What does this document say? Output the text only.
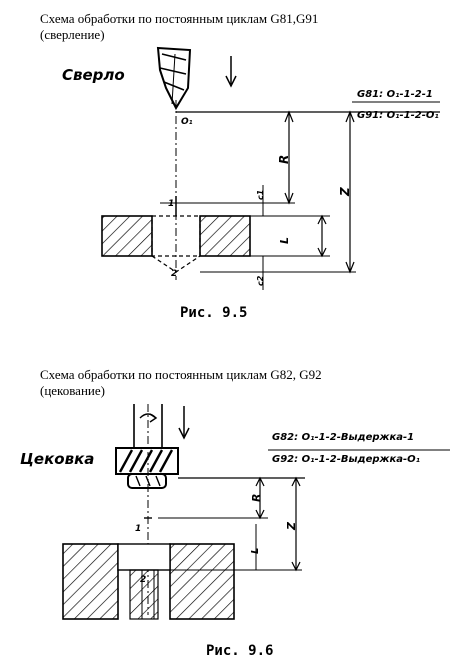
Схема обработки по постоянным циклам G81,G91
(сверление)
Сверло
G81: O₁-1-2-1
G91: O₁-1-2-O₁
O₁
1
2
R
Z
L
c1
c2
Рис. 9.5
Схема обработки по постоянным циклам G82, G92
(цекование)
Цековка
G82: O₁-1-2-Выдержка-1
G92: O₁-1-2-Выдержка-O₁
1
2
R
Z
L
Рис. 9.6
